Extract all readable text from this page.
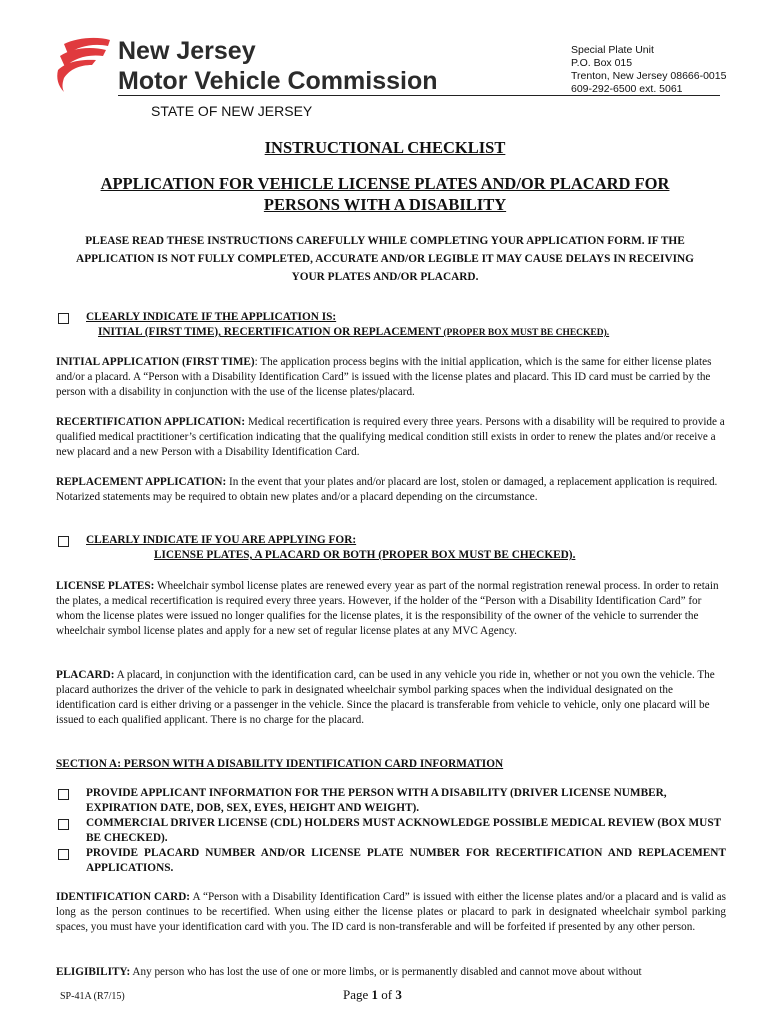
New Jersey
Motor Vehicle Commission
Special Plate Unit
P.O. Box 015
Trenton, New Jersey 08666-0015
609-292-6500 ext. 5061
STATE OF NEW JERSEY
INSTRUCTIONAL CHECKLIST
APPLICATION FOR VEHICLE LICENSE PLATES AND/OR PLACARD FOR
PERSONS WITH A DISABILITY
PLEASE READ THESE INSTRUCTIONS CAREFULLY WHILE COMPLETING YOUR APPLICATION FORM. IF THE APPLICATION IS NOT FULLY COMPLETED, ACCURATE AND/OR LEGIBLE IT MAY CAUSE DELAYS IN RECEIVING YOUR PLATES AND/OR PLACARD.
CLEARLY INDICATE IF THE APPLICATION IS:
INITIAL (FIRST TIME), RECERTIFICATION OR REPLACEMENT (PROPER BOX MUST BE CHECKED).
INITIAL APPLICATION (FIRST TIME): The application process begins with the initial application, which is the same for either license plates and/or a placard. A “Person with a Disability Identification Card” is issued with the license plates and placard. This ID card must be carried by the person with a disability in conjunction with the use of the license plates/placard.
RECERTIFICATION APPLICATION: Medical recertification is required every three years. Persons with a disability will be required to provide a qualified medical practitioner’s certification indicating that the qualifying medical condition still exists in order to renew the plates and/or receive a new placard and a new Person with a Disability Identification Card.
REPLACEMENT APPLICATION: In the event that your plates and/or placard are lost, stolen or damaged, a replacement application is required. Notarized statements may be required to obtain new plates and/or a placard depending on the circumstance.
CLEARLY INDICATE IF YOU ARE APPLYING FOR:
LICENSE PLATES, A PLACARD OR BOTH (PROPER BOX MUST BE CHECKED).
LICENSE PLATES: Wheelchair symbol license plates are renewed every year as part of the normal registration renewal process. In order to retain the plates, a medical recertification is required every three years. However, if the holder of the “Person with a Disability Identification Card” for whom the license plates were issued no longer qualifies for the license plates, it is the responsibility of the owner of the vehicle to surrender the wheelchair symbol license plates and apply for a new set of regular license plates at any MVC Agency.
PLACARD: A placard, in conjunction with the identification card, can be used in any vehicle you ride in, whether or not you own the vehicle. The placard authorizes the driver of the vehicle to park in designated wheelchair symbol parking spaces when the individual designated on the identification card is either driving or a passenger in the vehicle. Since the placard is transferable from vehicle to vehicle, only one placard will be issued to each qualified applicant. There is no charge for the placard.
SECTION A: PERSON WITH A DISABILITY IDENTIFICATION CARD INFORMATION
PROVIDE APPLICANT INFORMATION FOR THE PERSON WITH A DISABILITY (DRIVER LICENSE NUMBER, EXPIRATION DATE, DOB, SEX, EYES, HEIGHT AND WEIGHT).
COMMERCIAL DRIVER LICENSE (CDL) HOLDERS MUST ACKNOWLEDGE POSSIBLE MEDICAL REVIEW (BOX MUST BE CHECKED).
PROVIDE PLACARD NUMBER AND/OR LICENSE PLATE NUMBER FOR RECERTIFICATION AND REPLACEMENT APPLICATIONS.
IDENTIFICATION CARD: A “Person with a Disability Identification Card” is issued with either the license plates and/or a placard and is valid as long as the person continues to be recertified. When using either the license plates or placard to park in designated wheelchair symbol parking spaces, you must have your identification card with you. The ID card is non-transferable and will be forfeited if presented by any other person.
ELIGIBILITY: Any person who has lost the use of one or more limbs, or is permanently disabled and cannot move about without
SP-41A (R7/15)	Page 1 of 3
